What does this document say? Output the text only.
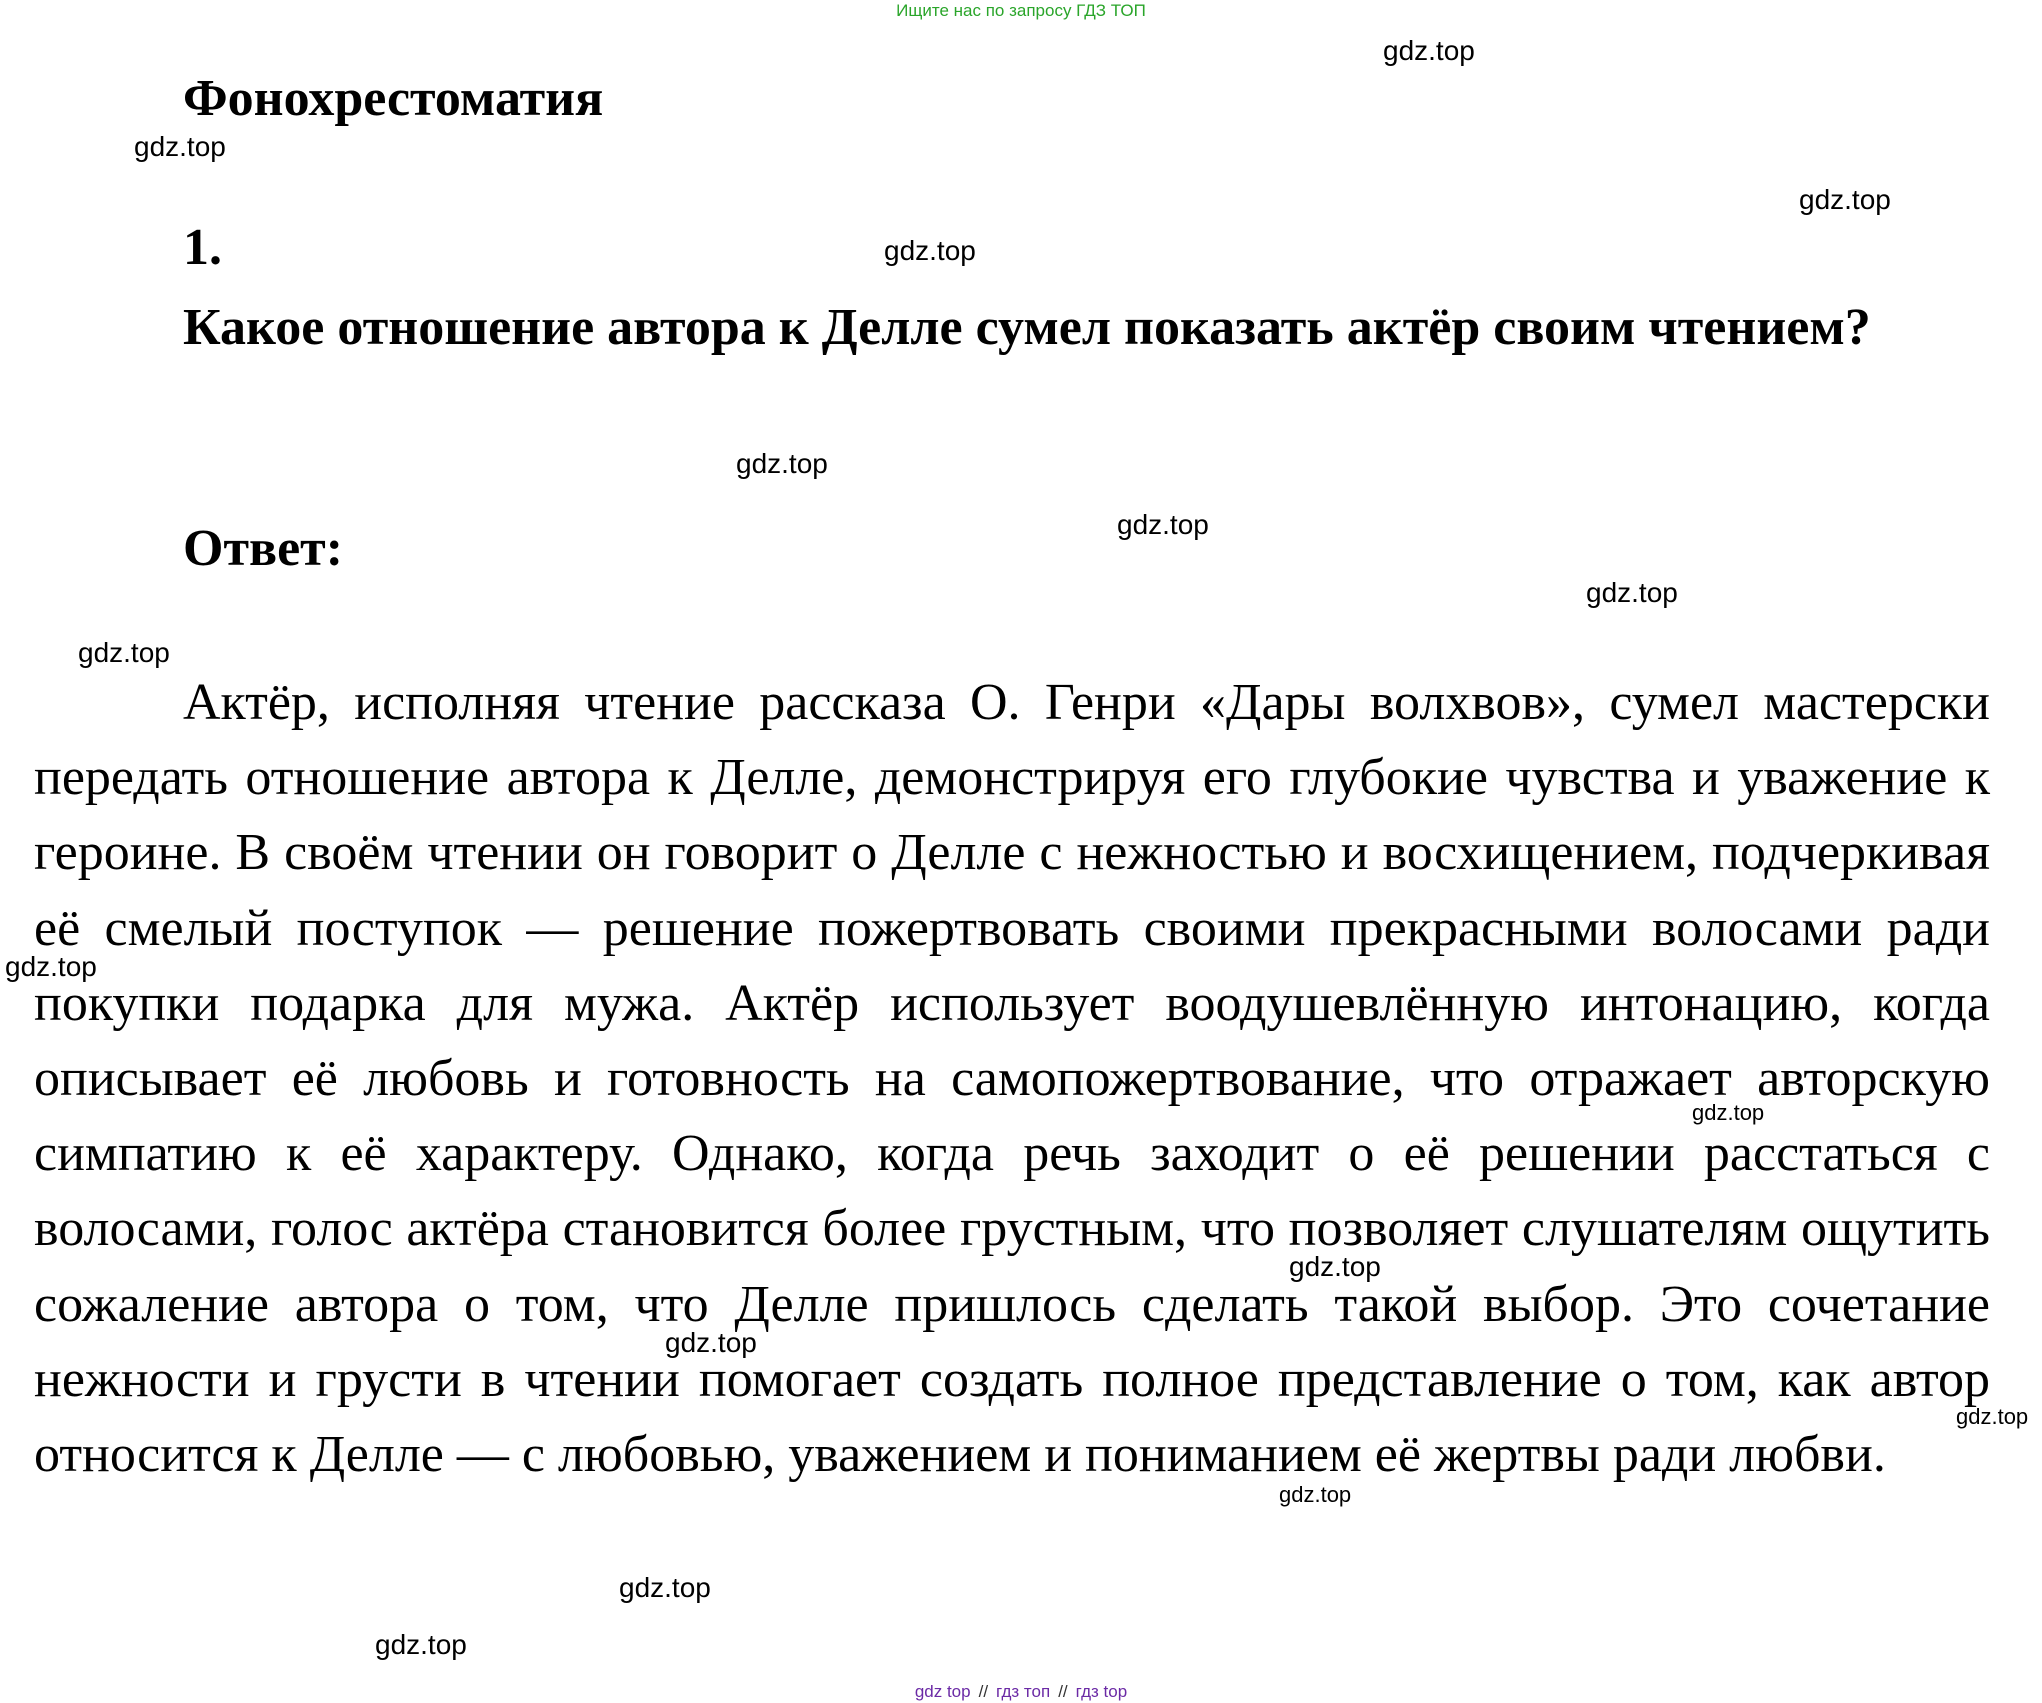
Ищите нас по запросу ГДЗ ТОП
Фонохрестоматия
1.

Какое отношение автора к Делле сумел показать актёр своим чтением?

Ответ:

Актёр, исполняя чтение рассказа О. Генри «Дары волхвов», сумел мастерски передать отношение автора к Делле, демонстрируя его глубокие чувства и уважение к героине. В своём чтении он говорит о Делле с нежностью и восхищением, подчеркивая её смелый поступок — решение пожертвовать своими прекрасными волосами ради покупки подарка для мужа. Актёр использует воодушевлённую интонацию, когда описывает её любовь и готовность на самопожертвование, что отражает авторскую симпатию к её характеру. Однако, когда речь заходит о её решении расстаться с волосами, голос актёра становится более грустным, что позволяет слушателям ощутить сожаление автора о том, что Делле пришлось сделать такой выбор. Это сочетание нежности и грусти в чтении помогает создать полное представление о том, как автор относится к Делле — с любовью, уважением и пониманием её жертвы ради любви.

gdz.top
gdz.top
gdz.top
gdz.top
gdz.top
gdz.top
gdz.top
gdz.top
gdz.top
gdz.top
gdz.top
gdz.top
gdz.top
gdz.top
gdz.top
gdz.top
gdz top // гдз топ // гдз top
